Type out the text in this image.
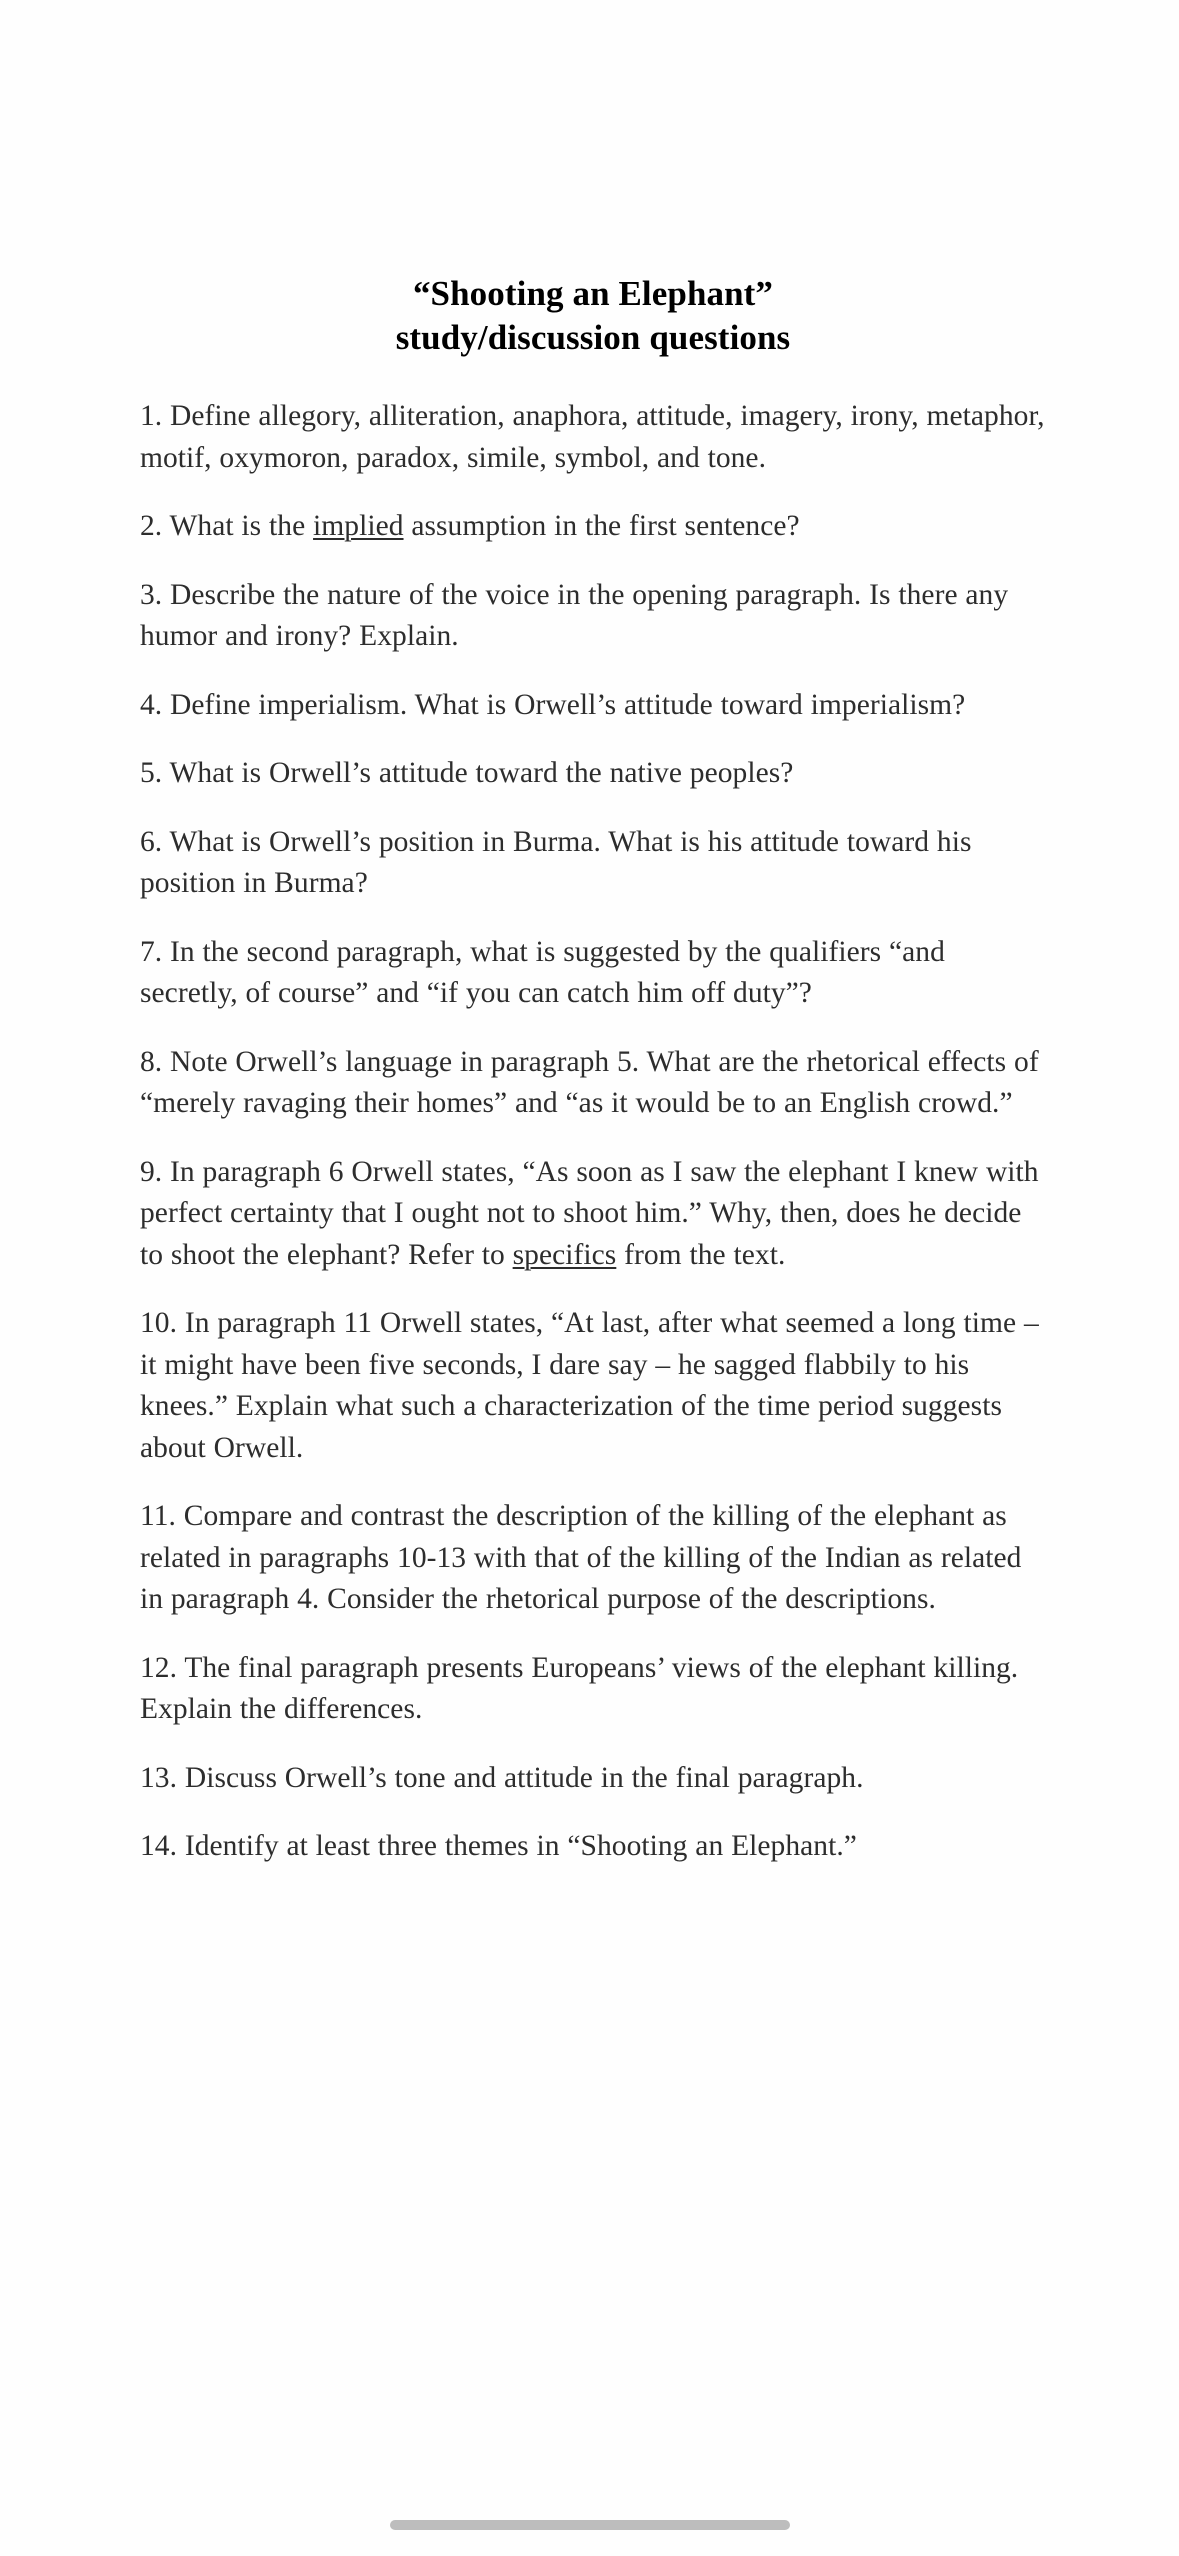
“Shooting an Elephant”
study/discussion questions
1. Define allegory, alliteration, anaphora, attitude, imagery, irony, metaphor, motif, oxymoron, paradox, simile, symbol, and tone.
2. What is the implied assumption in the first sentence?
3. Describe the nature of the voice in the opening paragraph. Is there any humor and irony? Explain.
4. Define imperialism. What is Orwell’s attitude toward imperialism?
5. What is Orwell’s attitude toward the native peoples?
6. What is Orwell’s position in Burma. What is his attitude toward his position in Burma?
7. In the second paragraph, what is suggested by the qualifiers “and secretly, of course” and “if you can catch him off duty”?
8. Note Orwell’s language in paragraph 5. What are the rhetorical effects of “merely ravaging their homes” and “as it would be to an English crowd.”
9. In paragraph 6 Orwell states, “As soon as I saw the elephant I knew with perfect certainty that I ought not to shoot him.” Why, then, does he decide to shoot the elephant? Refer to specifics from the text.
10. In paragraph 11 Orwell states, “At last, after what seemed a long time – it might have been five seconds, I dare say – he sagged flabbily to his knees.” Explain what such a characterization of the time period suggests about Orwell.
11. Compare and contrast the description of the killing of the elephant as related in paragraphs 10-13 with that of the killing of the Indian as related in paragraph 4. Consider the rhetorical purpose of the descriptions.
12. The final paragraph presents Europeans’ views of the elephant killing. Explain the differences.
13. Discuss Orwell’s tone and attitude in the final paragraph.
14. Identify at least three themes in “Shooting an Elephant.”
